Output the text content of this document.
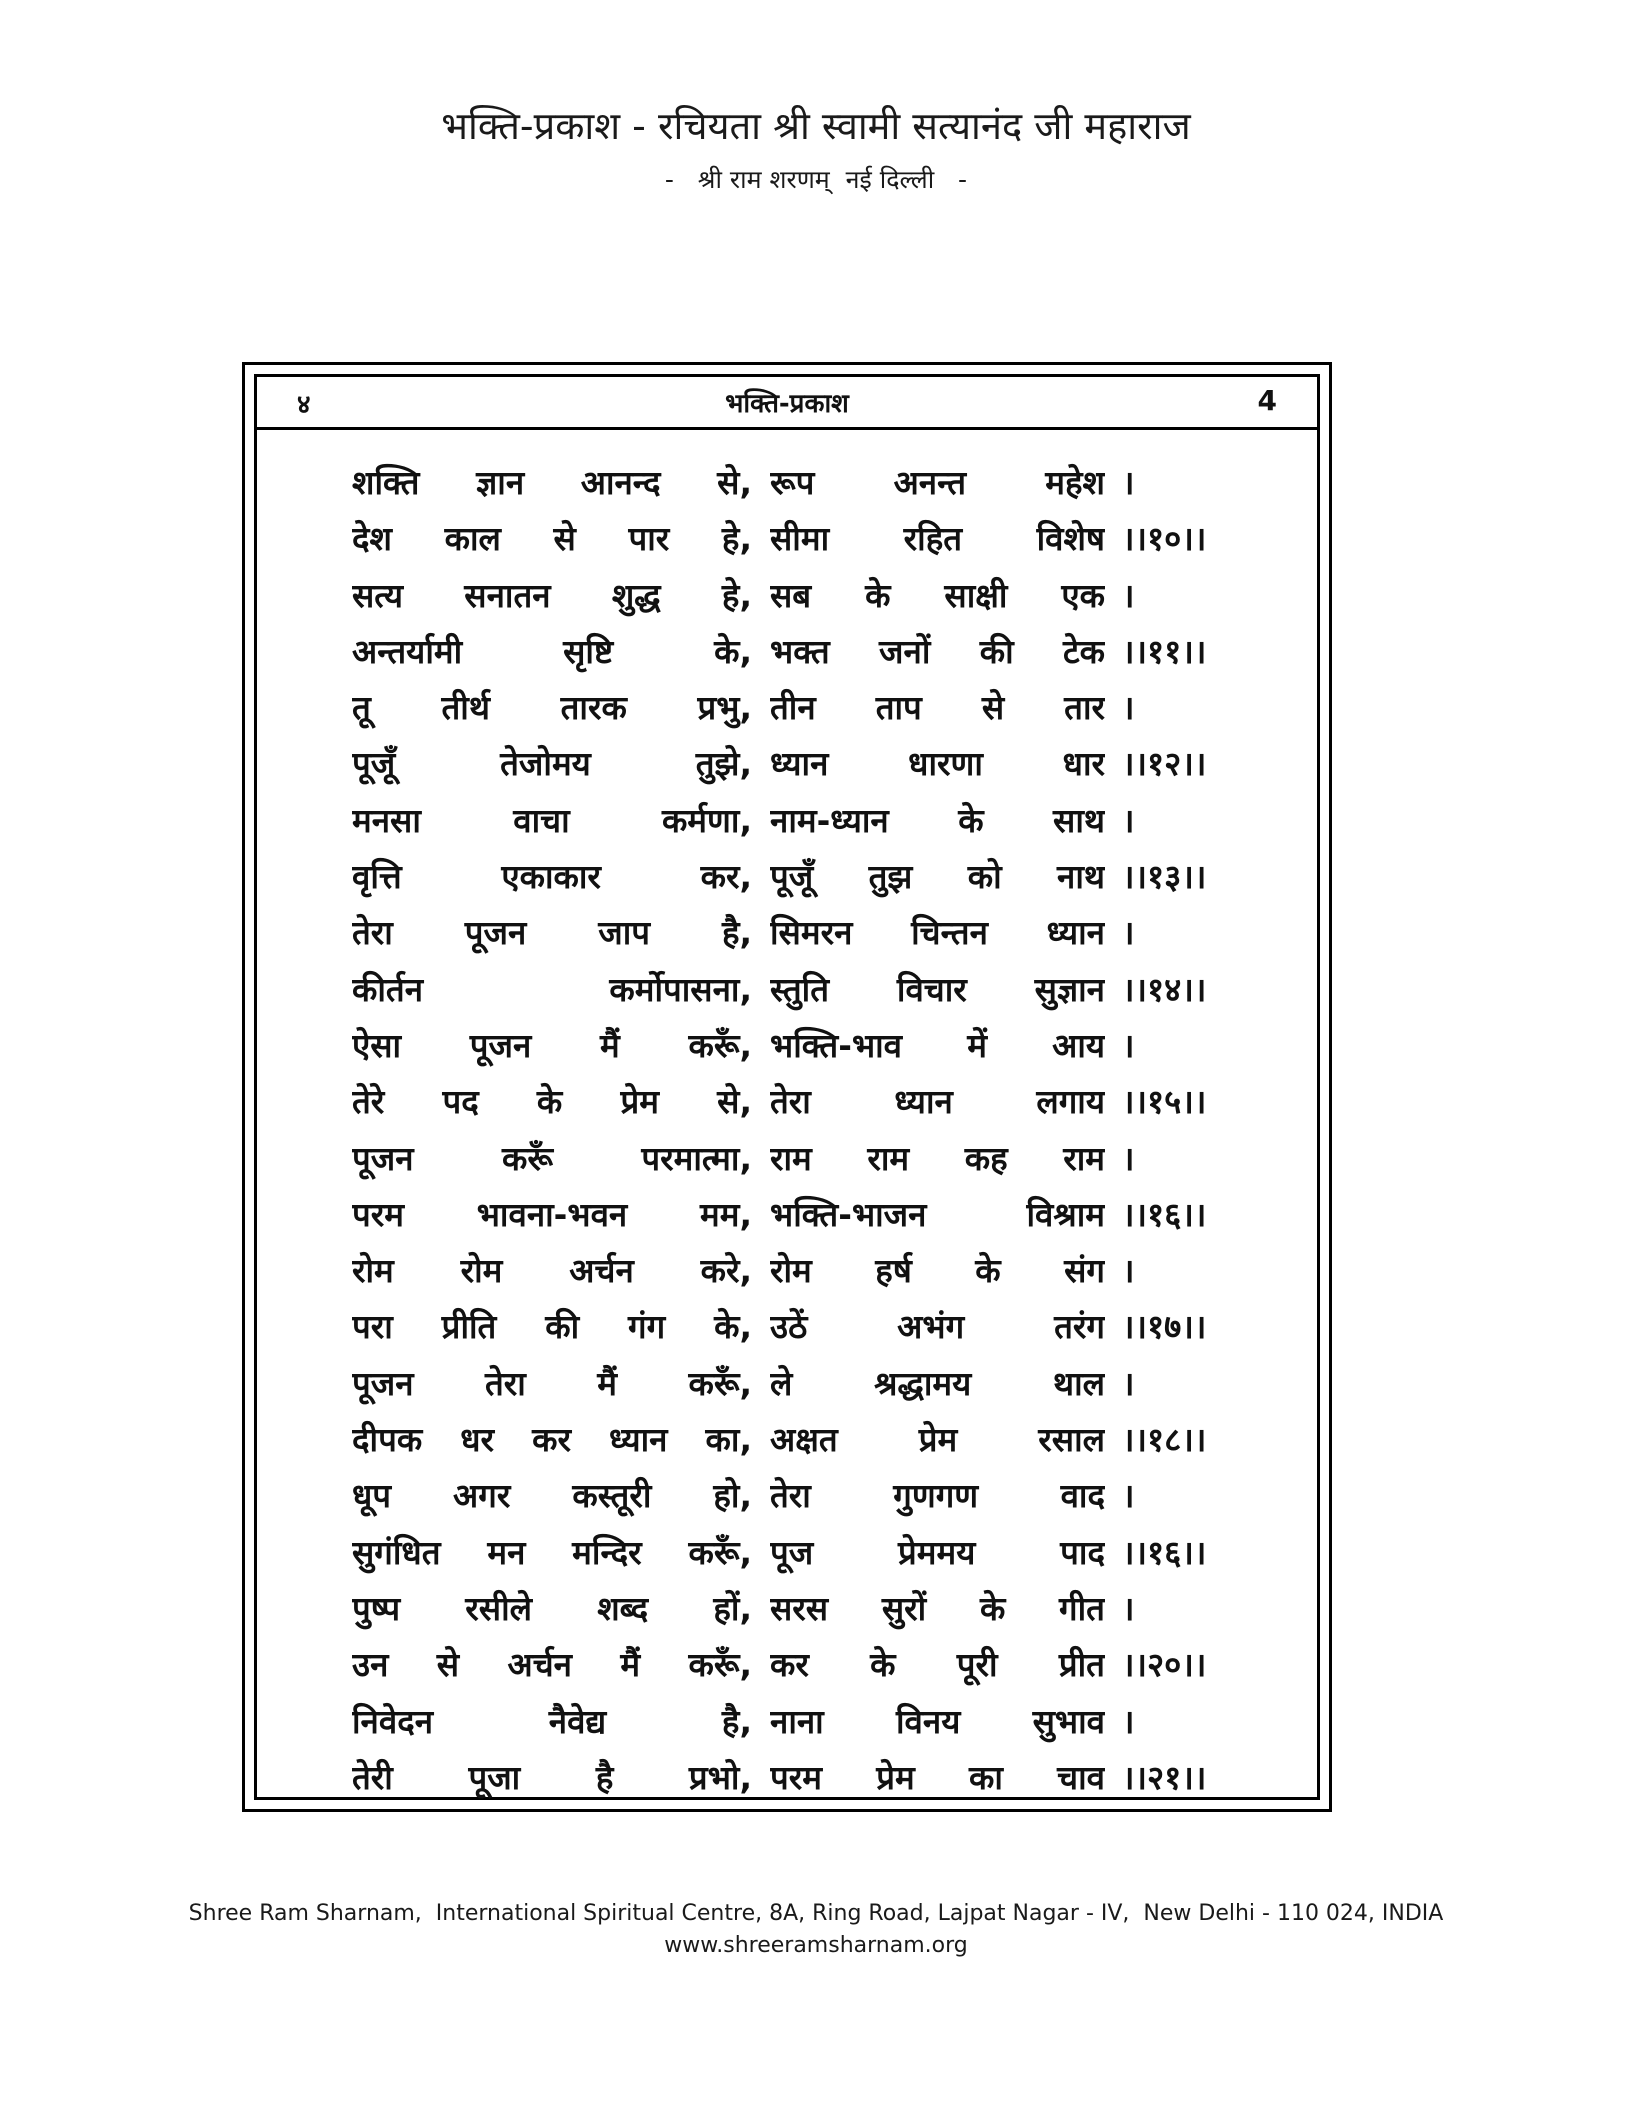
भक्ति-प्रकाश - रचियता श्री स्वामी सत्यानंद जी महाराज
-   श्री राम शरणम्  नई दिल्ली   -
४	भक्ति-प्रकाश	4
शक्ति ज्ञान आनन्द से, रूप अनन्त महेश ।
देश काल से पार हे, सीमा रहित विशेष ।।१०।।
सत्य सनातन शुद्ध हे, सब के साक्षी एक ।
अन्तर्यामी सृष्टि के, भक्त जनों की टेक ।।११।।
तू तीर्थ तारक प्रभु, तीन ताप से तार ।
पूजूँ तेजोमय तुझे, ध्यान धारणा धार ।।१२।।
मनसा वाचा कर्मणा, नाम-ध्यान के साथ ।
वृत्ति एकाकार कर, पूजूँ तुझ को नाथ ।।१३।।
तेरा पूजन जाप है, सिमरन चिन्तन ध्यान ।
कीर्तन कर्मोपासना, स्तुति विचार सुज्ञान ।।१४।।
ऐसा पूजन मैं करूँ, भक्ति-भाव में आय ।
तेरे पद के प्रेम से, तेरा ध्यान लगाय ।।१५।।
पूजन करूँ परमात्मा, राम राम कह राम ।
परम भावना-भवन मम, भक्ति-भाजन विश्राम ।।१६।।
रोम रोम अर्चन करे, रोम हर्ष के संग ।
परा प्रीति की गंग के, उठें अभंग तरंग ।।१७।।
पूजन तेरा मैं करूँ, ले श्रद्धामय थाल ।
दीपक धर कर ध्यान का, अक्षत प्रेम रसाल ।।१८।।
धूप अगर कस्तूरी हो, तेरा गुणगण वाद ।
सुगंधित मन मन्दिर करूँ, पूज प्रेममय पाद ।।१६।।
पुष्प रसीले शब्द हों, सरस सुरों के गीत ।
उन से अर्चन मैं करूँ, कर के पूरी प्रीत ।।२०।।
निवेदन नैवेद्य है, नाना विनय सुभाव ।
तेरी पूजा है प्रभो, परम प्रेम का चाव ।।२१।।
Shree Ram Sharnam,  International Spiritual Centre, 8A, Ring Road, Lajpat Nagar - IV,  New Delhi - 110 024, INDIA
www.shreeramsharnam.org
